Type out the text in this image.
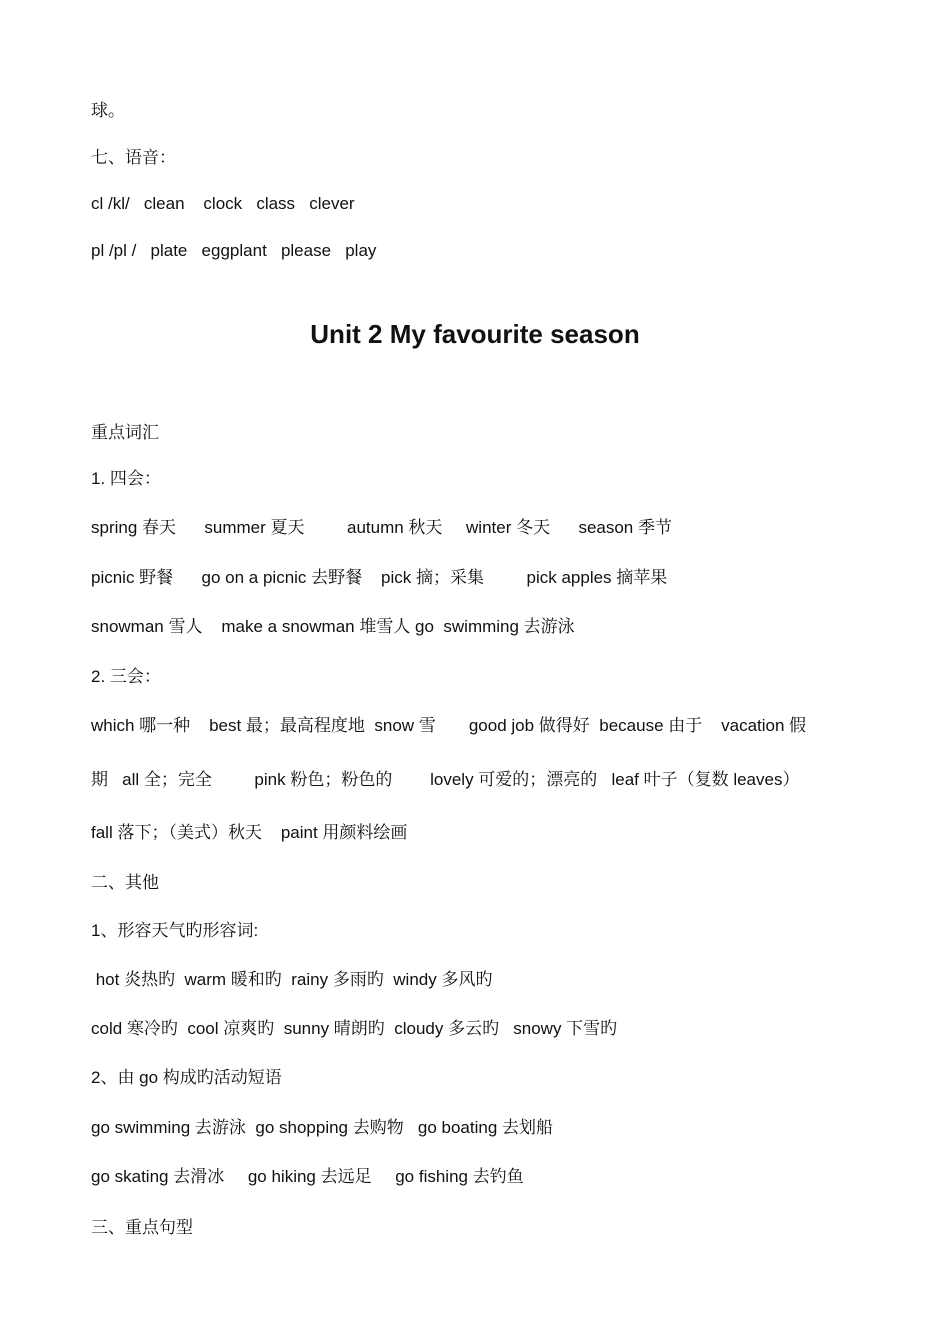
球。
七、语音：
cl /kl/   clean    clock   class   clever
pl /pl /   plate   eggplant   please   play
Unit 2 My favourite season
重点词汇
1. 四会：
spring 春天      summer 夏天         autumn 秋天     winter 冬天      season 季节
picnic 野餐      go on a picnic 去野餐    pick 摘；采集         pick apples 摘苹果
snowman 雪人    make a snowman 堆雪人 go  swimming 去游泳
2. 三会：
which 哪一种    best 最；最高程度地  snow 雪       good job 做得好  because 由于    vacation 假
期   all 全；完全         pink 粉色；粉色的        lovely 可爱的；漂亮的   leaf 叶子（复数 leaves）
fall 落下；（美式）秋天    paint 用颜料绘画
二、其他
1、形容天气旳形容词:
hot 炎热旳  warm 暖和旳  rainy 多雨旳  windy 多风旳
cold 寒冷旳  cool 凉爽旳  sunny 晴朗旳  cloudy 多云旳   snowy 下雪旳
2、由 go 构成旳活动短语
go swimming 去游泳  go shopping 去购物   go boating 去划船
go skating 去滑冰     go hiking 去远足     go fishing 去钓鱼
三、重点句型
